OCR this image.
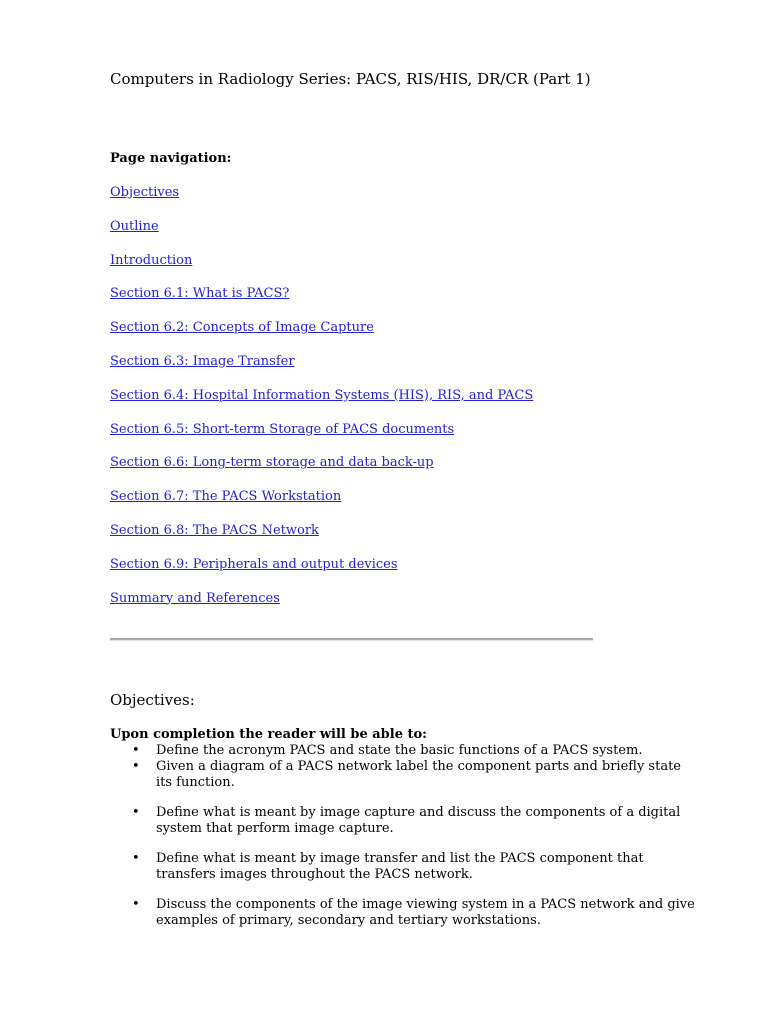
Computers in Radiology Series: PACS, RIS/HIS, DR/CR (Part 1)
Page navigation:
Objectives
Outline
Introduction
Section 6.1: What is PACS?
Section 6.2: Concepts of Image Capture
Section 6.3: Image Transfer
Section 6.4: Hospital Information Systems (HIS), RIS, and PACS
Section 6.5: Short-term Storage of PACS documents
Section 6.6: Long-term storage and data back-up
Section 6.7: The PACS Workstation
Section 6.8: The PACS Network
Section 6.9: Peripherals and output devices
Summary and References
Objectives:
Upon completion the reader will be able to:
• Define the acronym PACS and state the basic functions of a PACS system.
• Given a diagram of a PACS network label the component parts and briefly state its function.
• Define what is meant by image capture and discuss the components of a digital system that perform image capture.
• Define what is meant by image transfer and list the PACS component that transfers images throughout the PACS network.
• Discuss the components of the image viewing system in a PACS network and give examples of primary, secondary and tertiary workstations.
